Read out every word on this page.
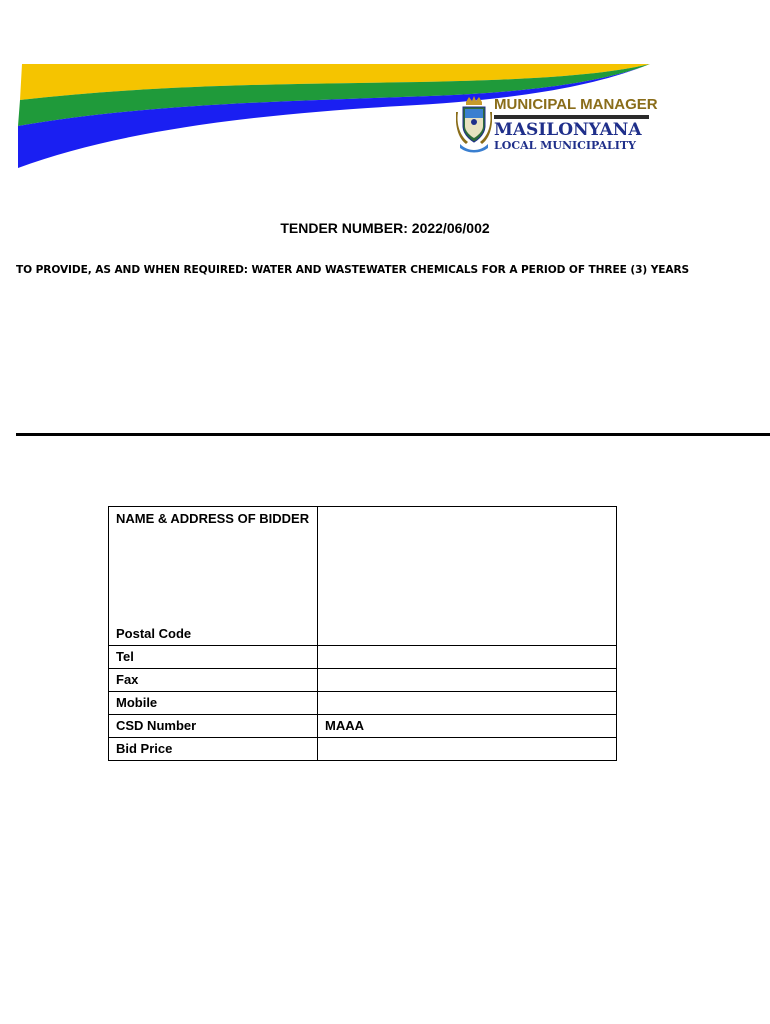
MUNICIPAL MANAGER
MASILONYANA
LOCAL MUNICIPALITY
TENDER NUMBER: 2022/06/002
TO PROVIDE, AS AND WHEN REQUIRED: WATER AND WASTEWATER CHEMICALS FOR A PERIOD OF THREE (3) YEARS
NAME & ADDRESS OF BIDDER
Postal Code	

Tel	
Fax	
Mobile	
CSD Number	MAAA
Bid Price	
